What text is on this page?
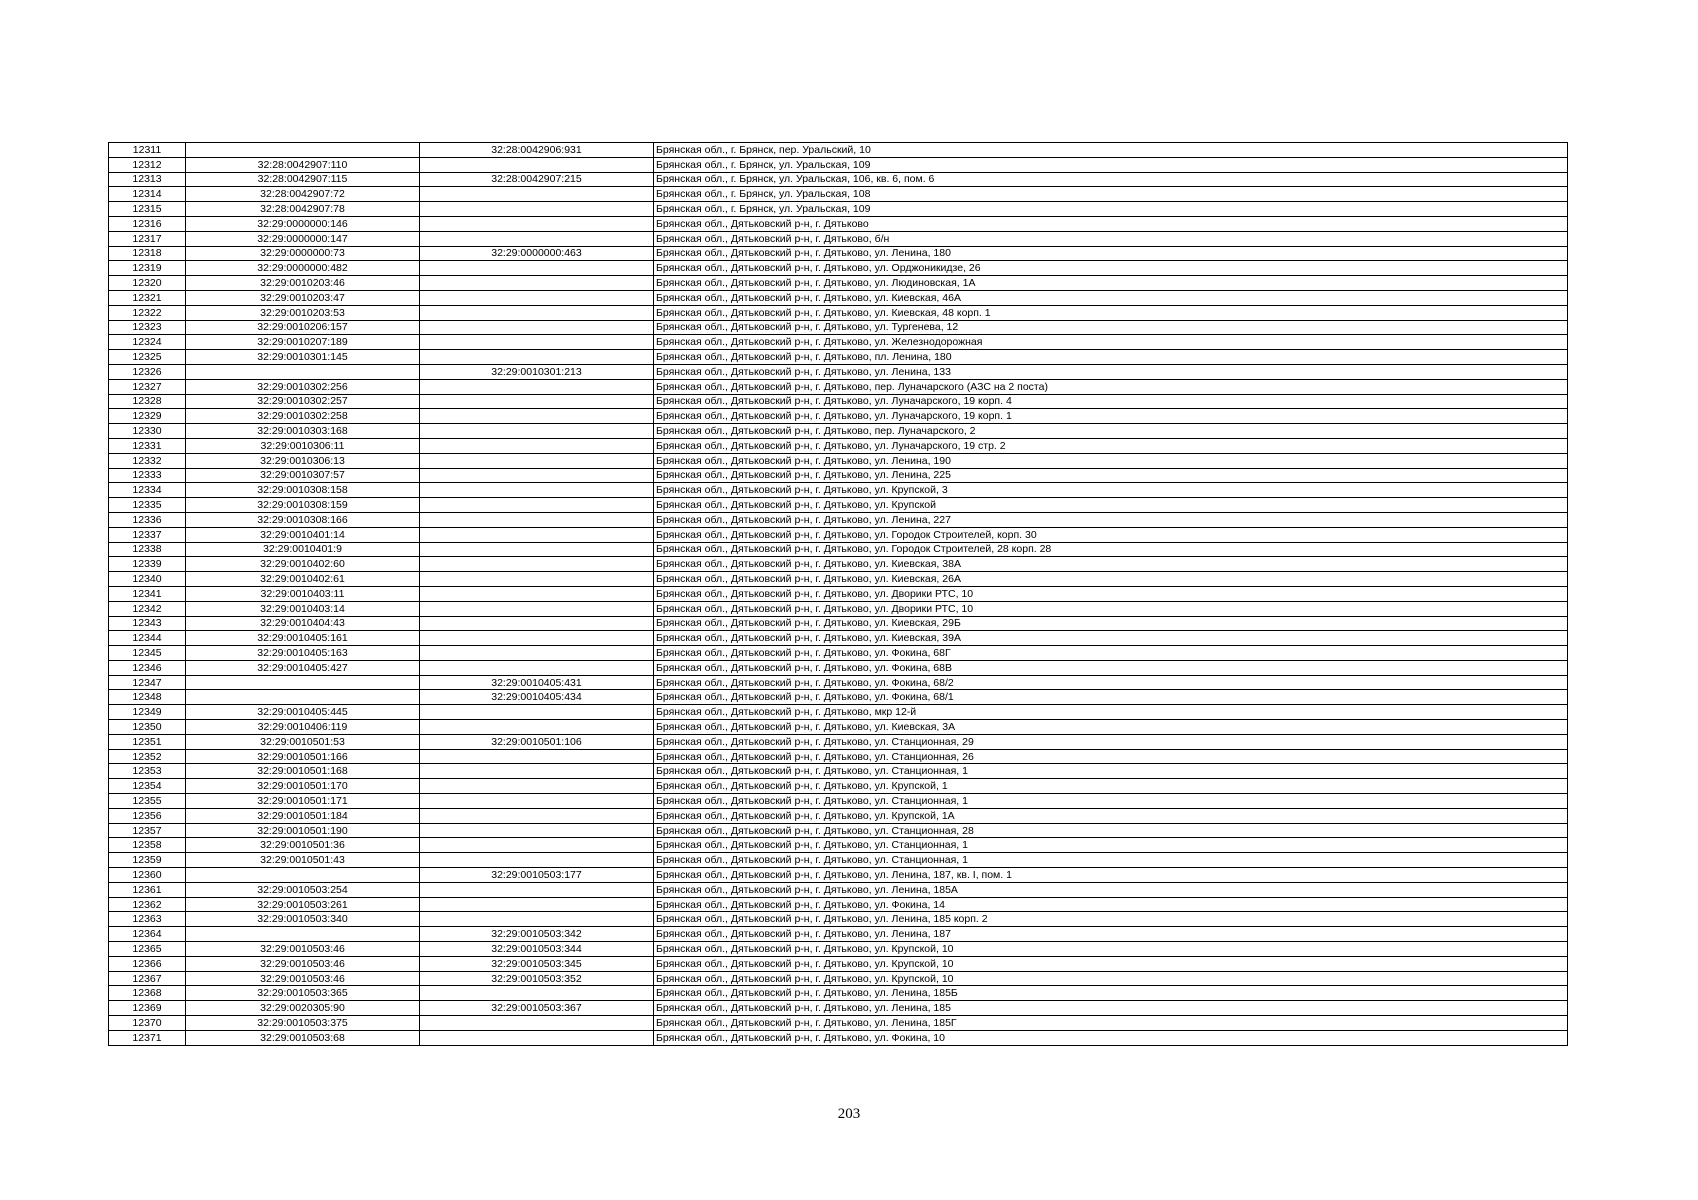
12311		32:28:0042906:931	Брянская обл., г. Брянск, пер. Уральский, 10
12312	32:28:0042907:110		Брянская обл., г. Брянск, ул. Уральская, 109
12313	32:28:0042907:115	32:28:0042907:215	Брянская обл., г. Брянск, ул. Уральская, 106, кв. 6, пом. 6
12314	32:28:0042907:72		Брянская обл., г. Брянск, ул. Уральская, 108
12315	32:28:0042907:78		Брянская обл., г. Брянск, ул. Уральская, 109
12316	32:29:0000000:146		Брянская обл., Дятьковский р-н, г. Дятьково
12317	32:29:0000000:147		Брянская обл., Дятьковский р-н, г. Дятьково, б/н
12318	32:29:0000000:73	32:29:0000000:463	Брянская обл., Дятьковский р-н, г. Дятьково, ул. Ленина, 180
12319	32:29:0000000:482		Брянская обл., Дятьковский р-н, г. Дятьково, ул. Орджоникидзе, 26
12320	32:29:0010203:46		Брянская обл., Дятьковский р-н, г. Дятьково, ул. Людиновская, 1А
12321	32:29:0010203:47		Брянская обл., Дятьковский р-н, г. Дятьково, ул. Киевская, 46А
12322	32:29:0010203:53		Брянская обл., Дятьковский р-н, г. Дятьково, ул. Киевская, 48 корп. 1
12323	32:29:0010206:157		Брянская обл., Дятьковский р-н, г. Дятьково, ул. Тургенева, 12
12324	32:29:0010207:189		Брянская обл., Дятьковский р-н, г. Дятьково, ул. Железнодорожная
12325	32:29:0010301:145		Брянская обл., Дятьковский р-н, г. Дятьково, пл. Ленина, 180
12326		32:29:0010301:213	Брянская обл., Дятьковский р-н, г. Дятьково, ул. Ленина, 133
12327	32:29:0010302:256		Брянская обл., Дятьковский р-н, г. Дятьково, пер. Луначарского (АЗС на 2 поста)
12328	32:29:0010302:257		Брянская обл., Дятьковский р-н, г. Дятьково, ул. Луначарского, 19 корп. 4
12329	32:29:0010302:258		Брянская обл., Дятьковский р-н, г. Дятьково, ул. Луначарского, 19 корп. 1
12330	32:29:0010303:168		Брянская обл., Дятьковский р-н, г. Дятьково, пер. Луначарского, 2
12331	32:29:0010306:11		Брянская обл., Дятьковский р-н, г. Дятьково, ул. Луначарского, 19 стр. 2
12332	32:29:0010306:13		Брянская обл., Дятьковский р-н, г. Дятьково, ул. Ленина, 190
12333	32:29:0010307:57		Брянская обл., Дятьковский р-н, г. Дятьково, ул. Ленина, 225
12334	32:29:0010308:158		Брянская обл., Дятьковский р-н, г. Дятьково, ул. Крупской, 3
12335	32:29:0010308:159		Брянская обл., Дятьковский р-н, г. Дятьково, ул. Крупской
12336	32:29:0010308:166		Брянская обл., Дятьковский р-н, г. Дятьково, ул. Ленина, 227
12337	32:29:0010401:14		Брянская обл., Дятьковский р-н, г. Дятьково, ул. Городок Строителей, корп. 30
12338	32:29:0010401:9		Брянская обл., Дятьковский р-н, г. Дятьково, ул. Городок Строителей, 28 корп. 28
12339	32:29:0010402:60		Брянская обл., Дятьковский р-н, г. Дятьково, ул. Киевская, 38А
12340	32:29:0010402:61		Брянская обл., Дятьковский р-н, г. Дятьково, ул. Киевская, 26А
12341	32:29:0010403:11		Брянская обл., Дятьковский р-н, г. Дятьково, ул. Дворики РТС, 10
12342	32:29:0010403:14		Брянская обл., Дятьковский р-н, г. Дятьково, ул. Дворики РТС, 10
12343	32:29:0010404:43		Брянская обл., Дятьковский р-н, г. Дятьково, ул. Киевская, 29Б
12344	32:29:0010405:161		Брянская обл., Дятьковский р-н, г. Дятьково, ул. Киевская, 39А
12345	32:29:0010405:163		Брянская обл., Дятьковский р-н, г. Дятьково, ул. Фокина, 68Г
12346	32:29:0010405:427		Брянская обл., Дятьковский р-н, г. Дятьково, ул. Фокина, 68В
12347		32:29:0010405:431	Брянская обл., Дятьковский р-н, г. Дятьково, ул. Фокина, 68/2
12348		32:29:0010405:434	Брянская обл., Дятьковский р-н, г. Дятьково, ул. Фокина, 68/1
12349	32:29:0010405:445		Брянская обл., Дятьковский р-н, г. Дятьково, мкр 12-й
12350	32:29:0010406:119		Брянская обл., Дятьковский р-н, г. Дятьково, ул. Киевская, 3А
12351	32:29:0010501:53	32:29:0010501:106	Брянская обл., Дятьковский р-н, г. Дятьково, ул. Станционная, 29
12352	32:29:0010501:166		Брянская обл., Дятьковский р-н, г. Дятьково, ул. Станционная, 26
12353	32:29:0010501:168		Брянская обл., Дятьковский р-н, г. Дятьково, ул. Станционная, 1
12354	32:29:0010501:170		Брянская обл., Дятьковский р-н, г. Дятьково, ул. Крупской, 1
12355	32:29:0010501:171		Брянская обл., Дятьковский р-н, г. Дятьково, ул. Станционная, 1
12356	32:29:0010501:184		Брянская обл., Дятьковский р-н, г. Дятьково, ул. Крупской, 1А
12357	32:29:0010501:190		Брянская обл., Дятьковский р-н, г. Дятьково, ул. Станционная, 28
12358	32:29:0010501:36		Брянская обл., Дятьковский р-н, г. Дятьково, ул. Станционная, 1
12359	32:29:0010501:43		Брянская обл., Дятьковский р-н, г. Дятьково, ул. Станционная, 1
12360		32:29:0010503:177	Брянская обл., Дятьковский р-н, г. Дятьково, ул. Ленина, 187, кв. I, пом. 1
12361	32:29:0010503:254		Брянская обл., Дятьковский р-н, г. Дятьково, ул. Ленина, 185А
12362	32:29:0010503:261		Брянская обл., Дятьковский р-н, г. Дятьково, ул. Фокина, 14
12363	32:29:0010503:340		Брянская обл., Дятьковский р-н, г. Дятьково, ул. Ленина, 185 корп. 2
12364		32:29:0010503:342	Брянская обл., Дятьковский р-н, г. Дятьково, ул. Ленина, 187
12365	32:29:0010503:46	32:29:0010503:344	Брянская обл., Дятьковский р-н, г. Дятьково, ул. Крупской, 10
12366	32:29:0010503:46	32:29:0010503:345	Брянская обл., Дятьковский р-н, г. Дятьково, ул. Крупской, 10
12367	32:29:0010503:46	32:29:0010503:352	Брянская обл., Дятьковский р-н, г. Дятьково, ул. Крупской, 10
12368	32:29:0010503:365		Брянская обл., Дятьковский р-н, г. Дятьково, ул. Ленина, 185Б
12369	32:29:0020305:90	32:29:0010503:367	Брянская обл., Дятьковский р-н, г. Дятьково, ул. Ленина, 185
12370	32:29:0010503:375		Брянская обл., Дятьковский р-н, г. Дятьково, ул. Ленина, 185Г
12371	32:29:0010503:68		Брянская обл., Дятьковский р-н, г. Дятьково, ул. Фокина, 10
203
